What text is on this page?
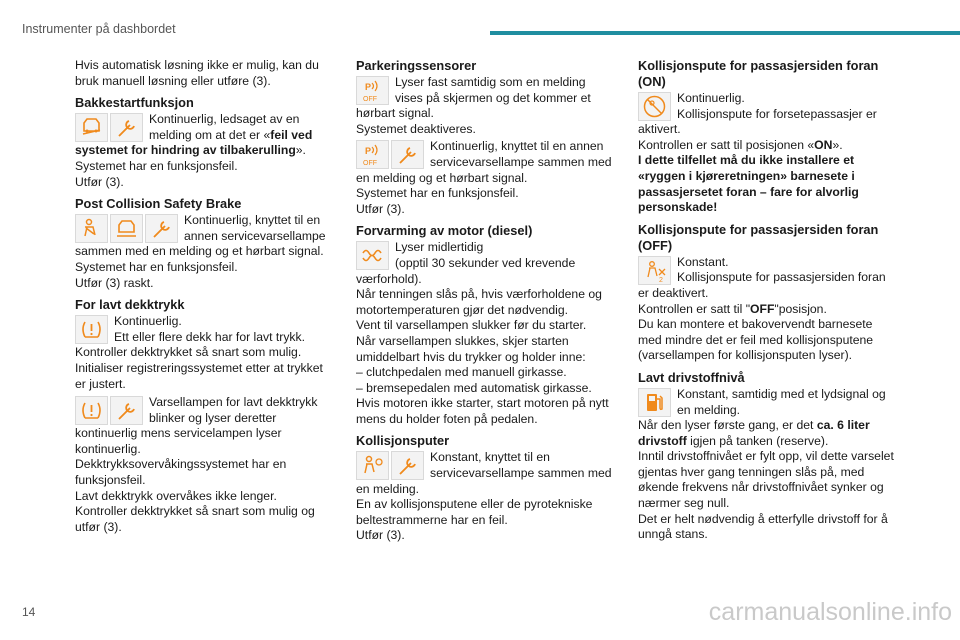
Instrumenter på dashbordet

Hvis automatisk løsning ikke er mulig, kan du bruk manuell løsning eller utføre (3).

Bakkestartfunksjon

Kontinuerlig, ledsaget av en melding om at det er «feil ved systemet for hindring av tilbakerulling».

Systemet har en funksjonsfeil.

Utfør (3).

Post Collision Safety Brake

Kontinuerlig, knyttet til en annen servicevarsellampe sammen med en melding og et hørbart signal.

Systemet har en funksjonsfeil.

Utfør (3) raskt.

For lavt dekktrykk

Kontinuerlig.

Ett eller flere dekk har for lavt trykk.

Kontroller dekktrykket så snart som mulig.

Initialiser registreringssystemet etter at trykket er justert.

Varsellampen for lavt dekktrykk blinker og lyser deretter kontinuerlig mens servicelampen lyser kontinuerlig.

Dekktrykksovervåkingssystemet har en funksjonsfeil.

Lavt dekktrykk overvåkes ikke lenger.

Kontroller dekktrykket så snart som mulig og utfør (3).

Parkeringssensorer
P
OFF

Lyser fast samtidig som en melding vises på skjermen og det kommer et hørbart signal.

Systemet deaktiveres.

P
OFF

Kontinuerlig, knyttet til en annen servicevarsellampe sammen med en melding og et hørbart signal.

Systemet har en funksjonsfeil.

Utfør (3).

Forvarming av motor (diesel)

Lyser midlertidig

(opptil 30 sekunder ved krevende værforhold).

Når tenningen slås på, hvis værforholdene og motortemperaturen gjør det nødvendig.

Vent til varsellampen slukker før du starter.

Når varsellampen slukkes, skjer starten umiddelbart hvis du trykker og holder inne:

– clutchpedalen med manuell girkasse.

– bremsepedalen med automatisk girkasse.

Hvis motoren ikke starter, start motoren på nytt mens du holder foten på pedalen.

Kollisjonsputer

Konstant, knyttet til en servicevarsellampe sammen med en melding.

En av kollisjonsputene eller de pyrotekniske beltestrammerne har en feil.

Utfør (3).

Kollisjonspute for passasjersiden foran (ON)

Kontinuerlig.

Kollisjonspute for forsetepassasjer er aktivert.

Kontrollen er satt til posisjonen «ON».

I dette tilfellet må du ikke installere et «ryggen i kjøreretningen» barnesete i passasjersetet foran – fare for alvorlig personskade!

Kollisjonspute for passasjersiden foran (OFF)
2

Konstant.

Kollisjonspute for passasjersiden foran er deaktivert.

Kontrollen er satt til "OFF"posisjon.

Du kan montere et bakovervendt barnesete med mindre det er feil med kollisjonsputene (varsellampen for kollisjonsputen lyser).

Lavt drivstoffnivå

Konstant, samtidig med et lydsignal og en melding.

Når den lyser første gang, er det ca. 6 liter drivstoff igjen på tanken (reserve).

Inntil drivstoffnivået er fylt opp, vil dette varselet gjentas hver gang tenningen slås på, med økende frekvens når drivstoffnivået synker og nærmer seg null.

Det er helt nødvendig å etterfylle drivstoff for å unngå stans.

14	carmanualsonline.info
